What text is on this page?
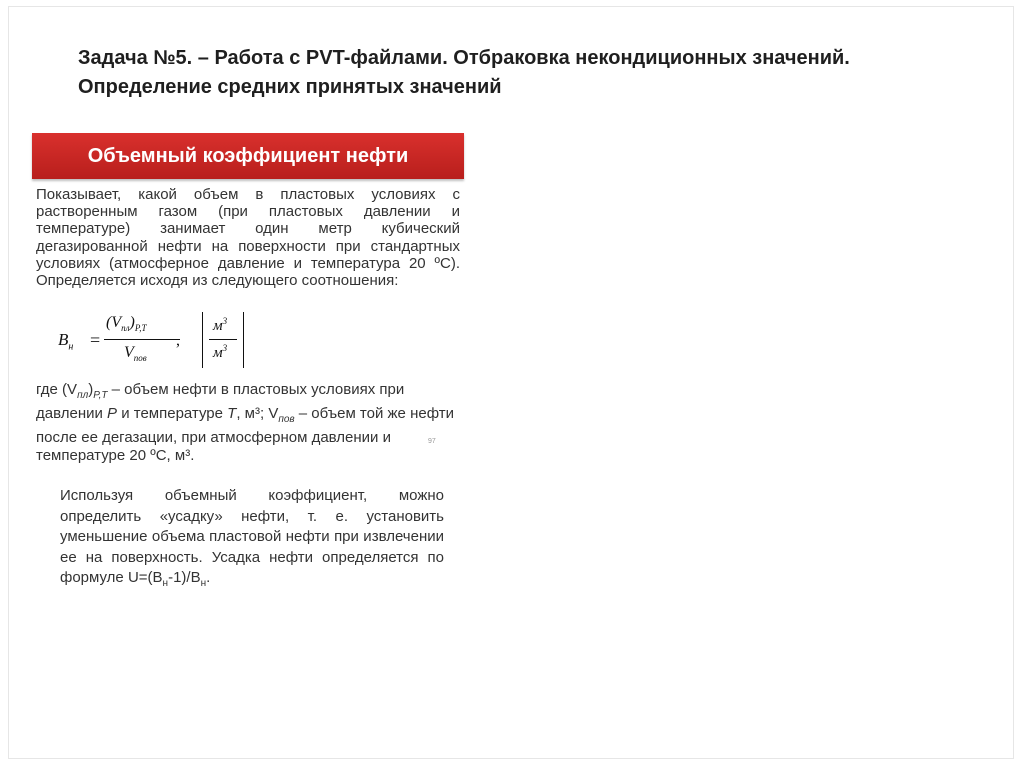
Задача №5. – Работа с PVT-файлами. Отбраковка некондиционных значений.
Определение средних принятых значений
Объемный коэффициент нефти
Показывает, какой объем в пластовых условиях с растворенным газом (при пластовых давлении и температуре) занимает один метр кубический дегазированной нефти на поверхности при стандартных условиях (атмосферное давление и температура 20 ºС). Определяется исходя из следующего соотношения:
$B_н$ =
$(V_{пл})_{P,T}$
$V_{пов}$
,
$м^3$
$м^3$
где $(V_{пл})_{P,T}$ – объем нефти в пластовых условиях при давлении P и температуре T, м³; $V_{пов}$ – объем той же нефти после ее дегазации, при атмосферном давлении и температуре 20 ºС, м³.
97
Используя объемный коэффициент, можно определить «усадку» нефти, т. е. установить уменьшение объема пластовой нефти при извлечении ее на поверхность. Усадка нефти определяется по формуле $U=(B_н-1)/B_н$.
